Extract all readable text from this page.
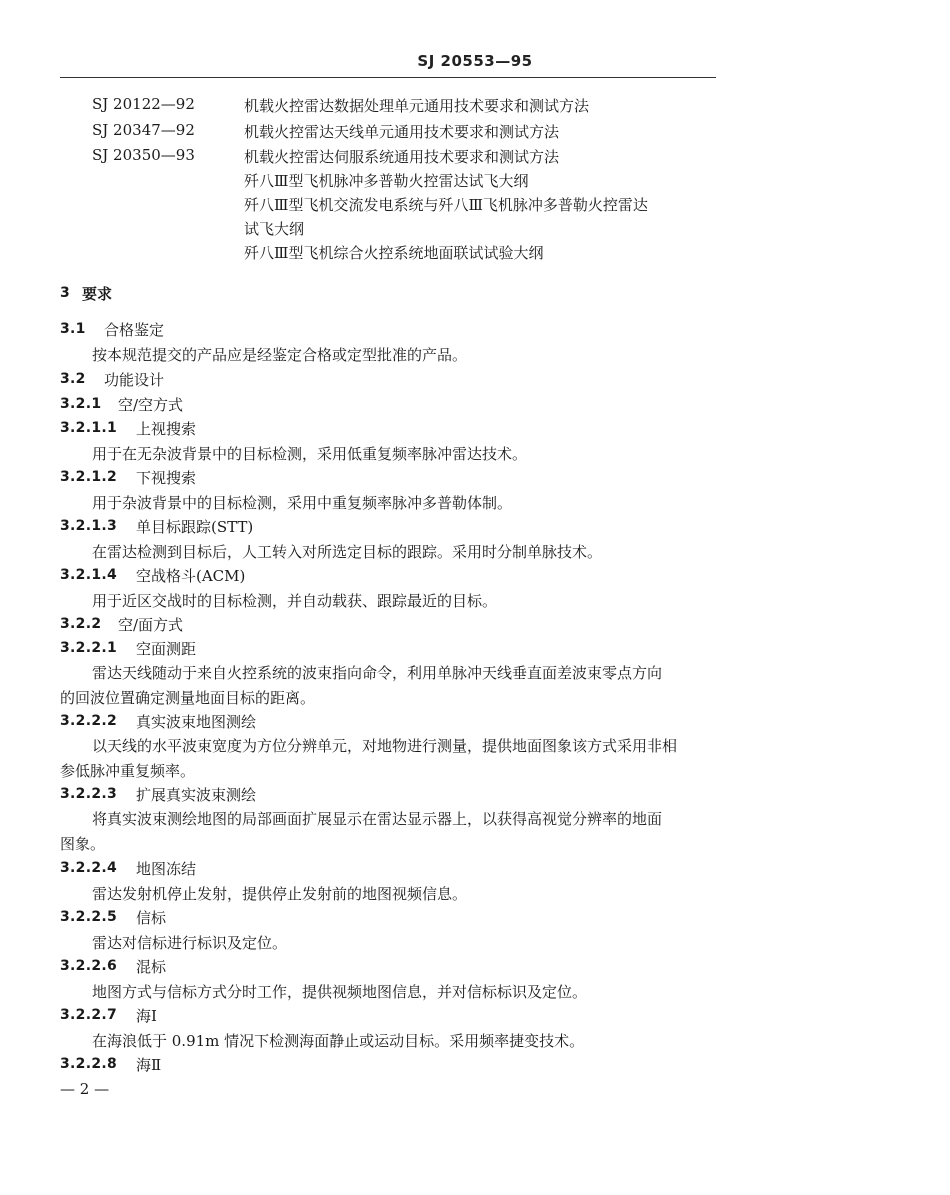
SJ 20553—95
SJ 20122—92	机载火控雷达数据处理单元通用技术要求和测试方法
SJ 20347—92	机载火控雷达天线单元通用技术要求和测试方法
SJ 20350—93	机载火控雷达伺服系统通用技术要求和测试方法
歼八Ⅲ型飞机脉冲多普勒火控雷达试飞大纲
歼八Ⅲ型飞机交流发电系统与歼八Ⅲ飞机脉冲多普勒火控雷达
试飞大纲
歼八Ⅲ型飞机综合火控系统地面联试试验大纲
3 要求
3.1 合格鉴定
按本规范提交的产品应是经鉴定合格或定型批准的产品。
3.2 功能设计
3.2.1 空/空方式
3.2.1.1 上视搜索
用于在无杂波背景中的目标检测，采用低重复频率脉冲雷达技术。
3.2.1.2 下视搜索
用于杂波背景中的目标检测，采用中重复频率脉冲多普勒体制。
3.2.1.3 单目标跟踪(STT)
在雷达检测到目标后，人工转入对所选定目标的跟踪。采用时分制单脉技术。
3.2.1.4 空战格斗(ACM)
用于近区交战时的目标检测，并自动载获、跟踪最近的目标。
3.2.2 空/面方式
3.2.2.1 空面测距
雷达天线随动于来自火控系统的波束指向命令，利用单脉冲天线垂直面差波束零点方向
的回波位置确定测量地面目标的距离。
3.2.2.2 真实波束地图测绘
以天线的水平波束宽度为方位分辨单元，对地物进行测量，提供地面图象该方式采用非相
参低脉冲重复频率。
3.2.2.3 扩展真实波束测绘
将真实波束测绘地图的局部画面扩展显示在雷达显示器上，以获得高视觉分辨率的地面
图象。
3.2.2.4 地图冻结
雷达发射机停止发射，提供停止发射前的地图视频信息。
3.2.2.5 信标
雷达对信标进行标识及定位。
3.2.2.6 混标
地图方式与信标方式分时工作，提供视频地图信息，并对信标标识及定位。
3.2.2.7 海Ⅰ
在海浪低于 0.91m 情况下检测海面静止或运动目标。采用频率捷变技术。
3.2.2.8 海Ⅱ
— 2 —
